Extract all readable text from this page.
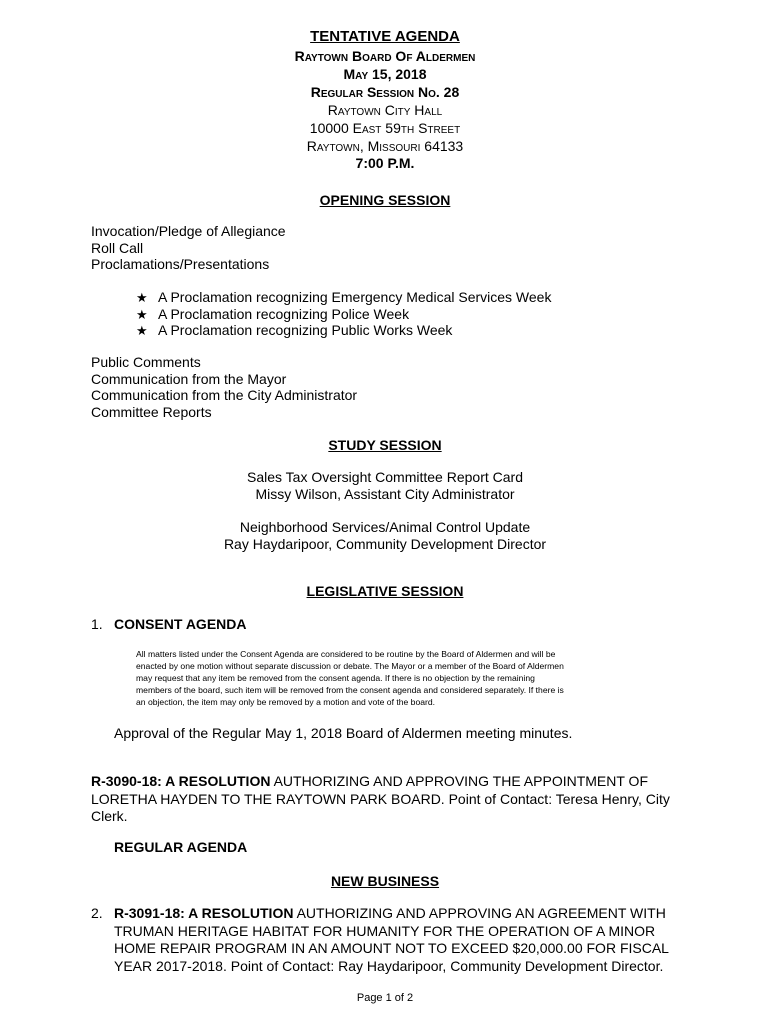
TENTATIVE AGENDA
Raytown Board Of Aldermen
May 15, 2018
Regular Session No. 28
Raytown City Hall
10000 East 59th Street
Raytown, Missouri 64133
7:00 P.M.
OPENING SESSION
Invocation/Pledge of Allegiance
Roll Call
Proclamations/Presentations
★ A Proclamation recognizing Emergency Medical Services Week
★ A Proclamation recognizing Police Week
★ A Proclamation recognizing Public Works Week
Public Comments
Communication from the Mayor
Communication from the City Administrator
Committee Reports
STUDY SESSION
Sales Tax Oversight Committee Report Card
Missy Wilson, Assistant City Administrator
Neighborhood Services/Animal Control Update
Ray Haydaripoor, Community Development Director
LEGISLATIVE SESSION
1. CONSENT AGENDA
All matters listed under the Consent Agenda are considered to be routine by the Board of Aldermen and will be
enacted by one motion without separate discussion or debate. The Mayor or a member of the Board of Aldermen
may request that any item be removed from the consent agenda. If there is no objection by the remaining
members of the board, such item will be removed from the consent agenda and considered separately. If there is
an objection, the item may only be removed by a motion and vote of the board.
Approval of the Regular May 1, 2018 Board of Aldermen meeting minutes.
R-3090-18: A RESOLUTION AUTHORIZING AND APPROVING THE APPOINTMENT OF
LORETHA HAYDEN TO THE RAYTOWN PARK BOARD. Point of Contact: Teresa Henry, City
Clerk.
REGULAR AGENDA
NEW BUSINESS
2. R-3091-18: A RESOLUTION AUTHORIZING AND APPROVING AN AGREEMENT WITH
TRUMAN HERITAGE HABITAT FOR HUMANITY FOR THE OPERATION OF A MINOR
HOME REPAIR PROGRAM IN AN AMOUNT NOT TO EXCEED $20,000.00 FOR FISCAL
YEAR 2017-2018. Point of Contact: Ray Haydaripoor, Community Development Director.
Page 1 of 2
